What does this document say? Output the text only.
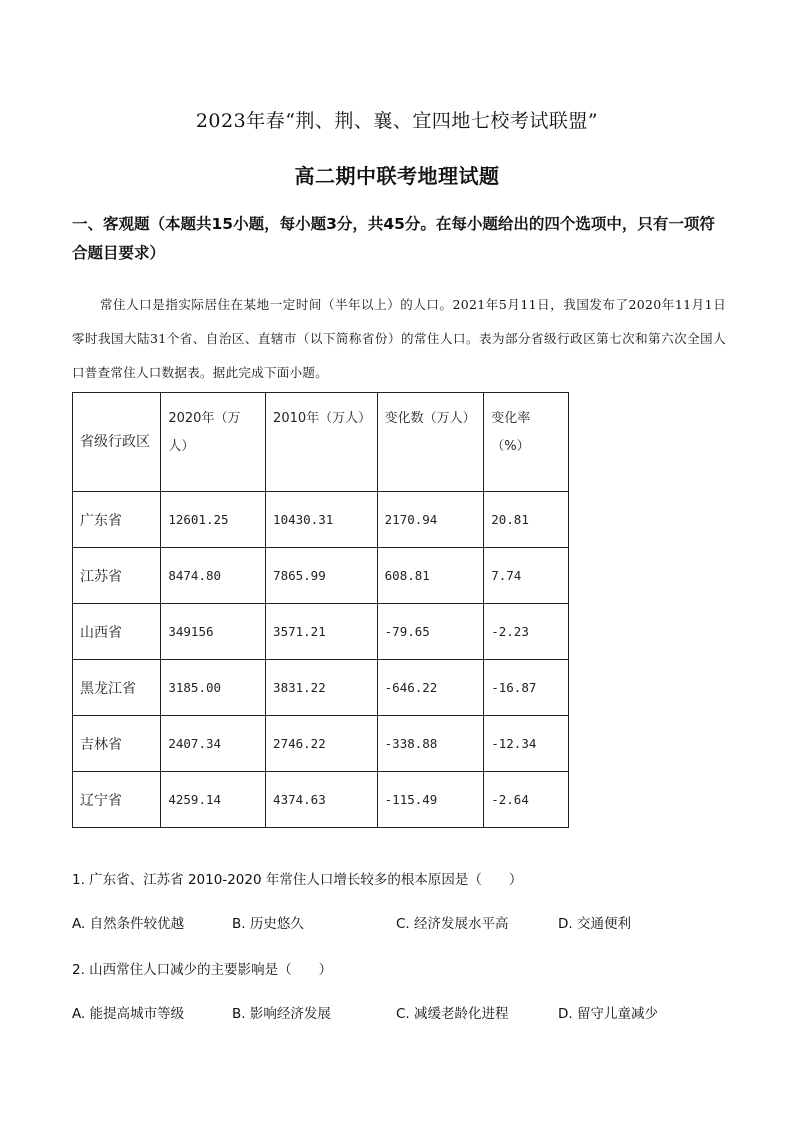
2023年春“荆、荆、襄、宜四地七校考试联盟”
高二期中联考地理试题
一、客观题（本题共15小题，每小题3分，共45分。在每小题给出的四个选项中，只有一项符合题目要求）
常住人口是指实际居住在某地一定时间（半年以上）的人口。2021年5月11日，我国发布了2020年11月1日零时我国大陆31个省、自治区、直辖市（以下简称省份）的常住人口。表为部分省级行政区第七次和第六次全国人口普查常住人口数据表。据此完成下面小题。
省级行政区	2020年（万人）	2010年（万人）	变化数（万人）	变化率（%）
广东省	12601.25	10430.31	2170.94	20.81
江苏省	8474.80	7865.99	608.81	7.74
山西省	349156	3571.21	-79.65	-2.23
黑龙江省	3185.00	3831.22	-646.22	-16.87
吉林省	2407.34	2746.22	-338.88	-12.34
辽宁省	4259.14	4374.63	-115.49	-2.64
1. 广东省、江苏省 2010-2020 年常住人口增长较多的根本原因是（　　）
A. 自然条件较优越	B. 历史悠久	C. 经济发展水平高	D. 交通便利
2. 山西常住人口减少的主要影响是（　　）
A. 能提高城市等级	B. 影响经济发展	C. 减缓老龄化进程	D. 留守儿童减少
